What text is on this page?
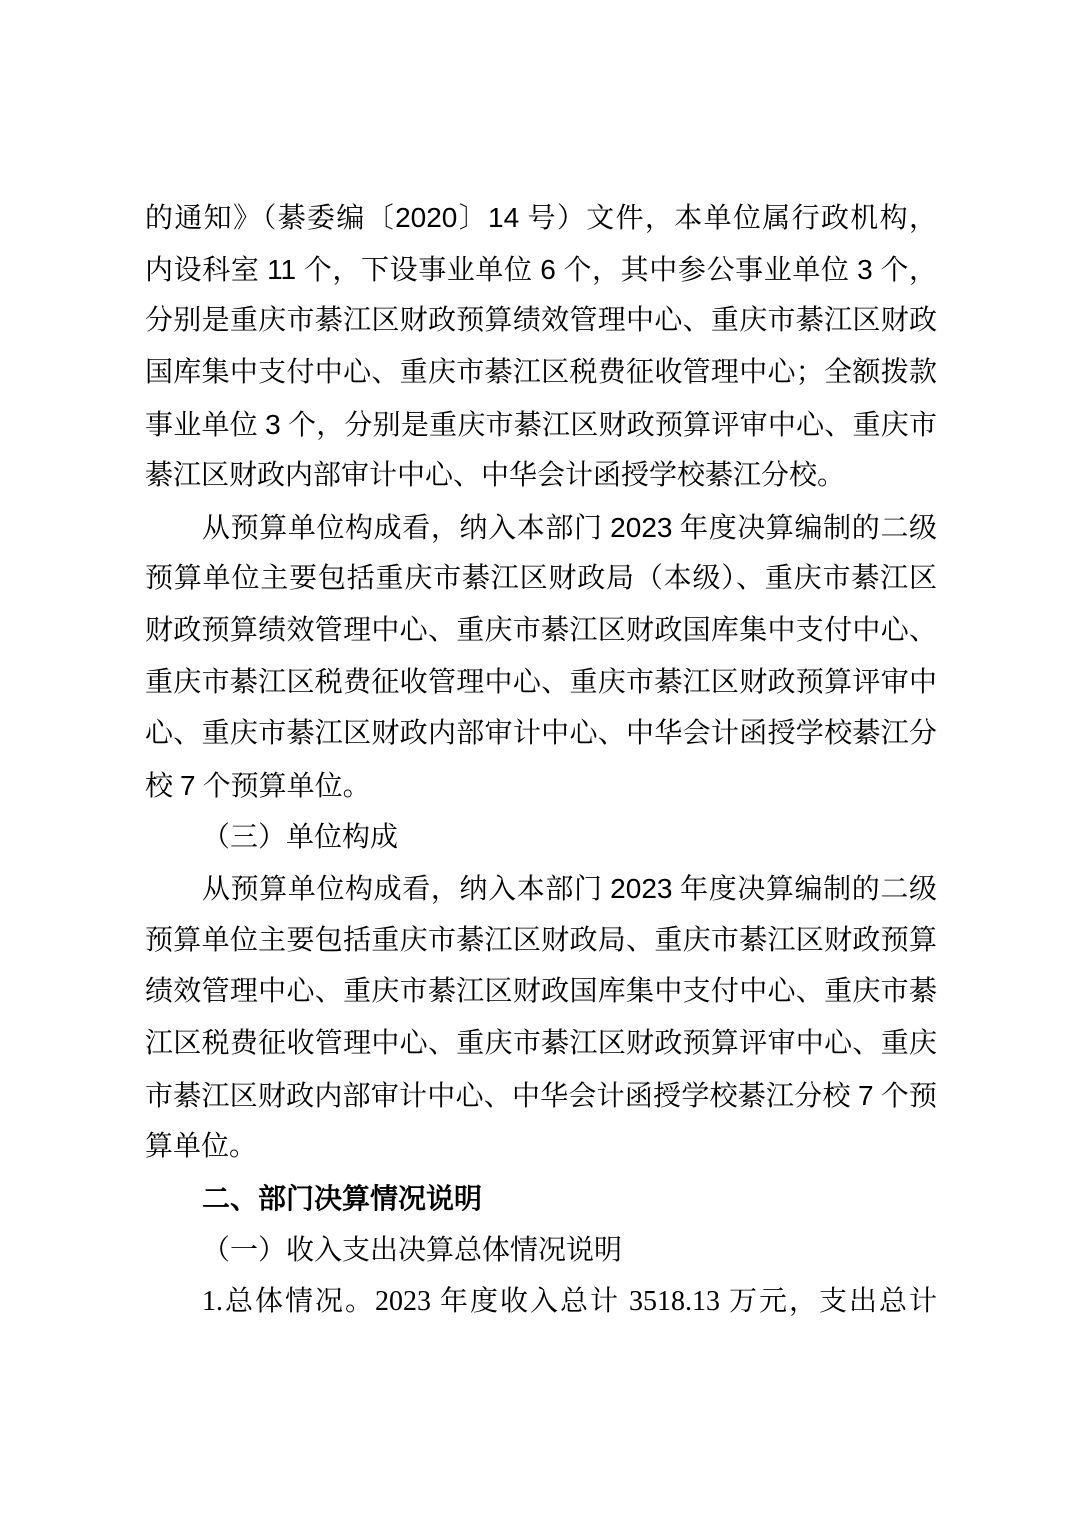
的通知》（綦委编〔2020〕14 号）文件，本单位属行政机构，
内设科室 11 个，下设事业单位 6 个，其中参公事业单位 3 个，
分别是重庆市綦江区财政预算绩效管理中心、重庆市綦江区财政
国库集中支付中心、重庆市綦江区税费征收管理中心；全额拨款
事业单位 3 个，分别是重庆市綦江区财政预算评审中心、重庆市
綦江区财政内部审计中心、中华会计函授学校綦江分校。
从预算单位构成看，纳入本部门 2023 年度决算编制的二级
预算单位主要包括重庆市綦江区财政局（本级）、重庆市綦江区
财政预算绩效管理中心、重庆市綦江区财政国库集中支付中心、
重庆市綦江区税费征收管理中心、重庆市綦江区财政预算评审中
心、重庆市綦江区财政内部审计中心、中华会计函授学校綦江分
校 7 个预算单位。
（三）单位构成
从预算单位构成看，纳入本部门 2023 年度决算编制的二级
预算单位主要包括重庆市綦江区财政局、重庆市綦江区财政预算
绩效管理中心、重庆市綦江区财政国库集中支付中心、重庆市綦
江区税费征收管理中心、重庆市綦江区财政预算评审中心、重庆
市綦江区财政内部审计中心、中华会计函授学校綦江分校 7 个预
算单位。
二、部门决算情况说明
（一）收入支出决算总体情况说明
1.总体情况。2023 年度收入总计 3518.13 万元，支出总计
